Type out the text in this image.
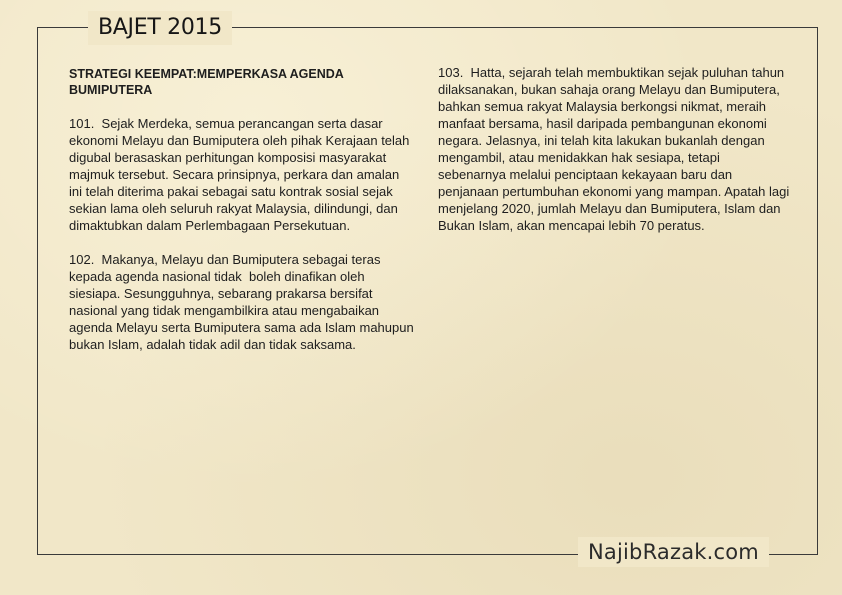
BAJET 2015
STRATEGI KEEMPAT:MEMPERKASA AGENDA BUMIPUTERA

101.  Sejak Merdeka, semua perancangan serta dasar ekonomi Melayu dan Bumiputera oleh pihak Kerajaan telah digubal berasaskan perhitungan komposisi masyarakat majmuk tersebut. Secara prinsipnya, perkara dan amalan ini telah diterima pakai sebagai satu kontrak sosial sejak sekian lama oleh seluruh rakyat Malaysia, dilindungi, dan dimaktubkan dalam Perlembagaan Persekutuan.

102.  Makanya, Melayu dan Bumiputera sebagai teras kepada agenda nasional tidak  boleh dinafikan oleh siesiapa. Sesungguhnya, sebarang prakarsa bersifat nasional yang tidak mengambilkira atau mengabaikan agenda Melayu serta Bumiputera sama ada Islam mahupun bukan Islam, adalah tidak adil dan tidak saksama.

103.  Hatta, sejarah telah membuktikan sejak puluhan tahun dilaksanakan, bukan sahaja orang Melayu dan Bumiputera, bahkan semua rakyat Malaysia berkongsi nikmat, meraih manfaat bersama, hasil daripada pembangunan ekonomi negara. Jelasnya, ini telah kita lakukan bukanlah dengan mengambil, atau menidakkan hak sesiapa, tetapi sebenarnya melalui penciptaan kekayaan baru dan penjanaan pertumbuhan ekonomi yang mampan. Apatah lagi menjelang 2020, jumlah Melayu dan Bumiputera, Islam dan Bukan Islam, akan mencapai lebih 70 peratus.

NajibRazak.com
